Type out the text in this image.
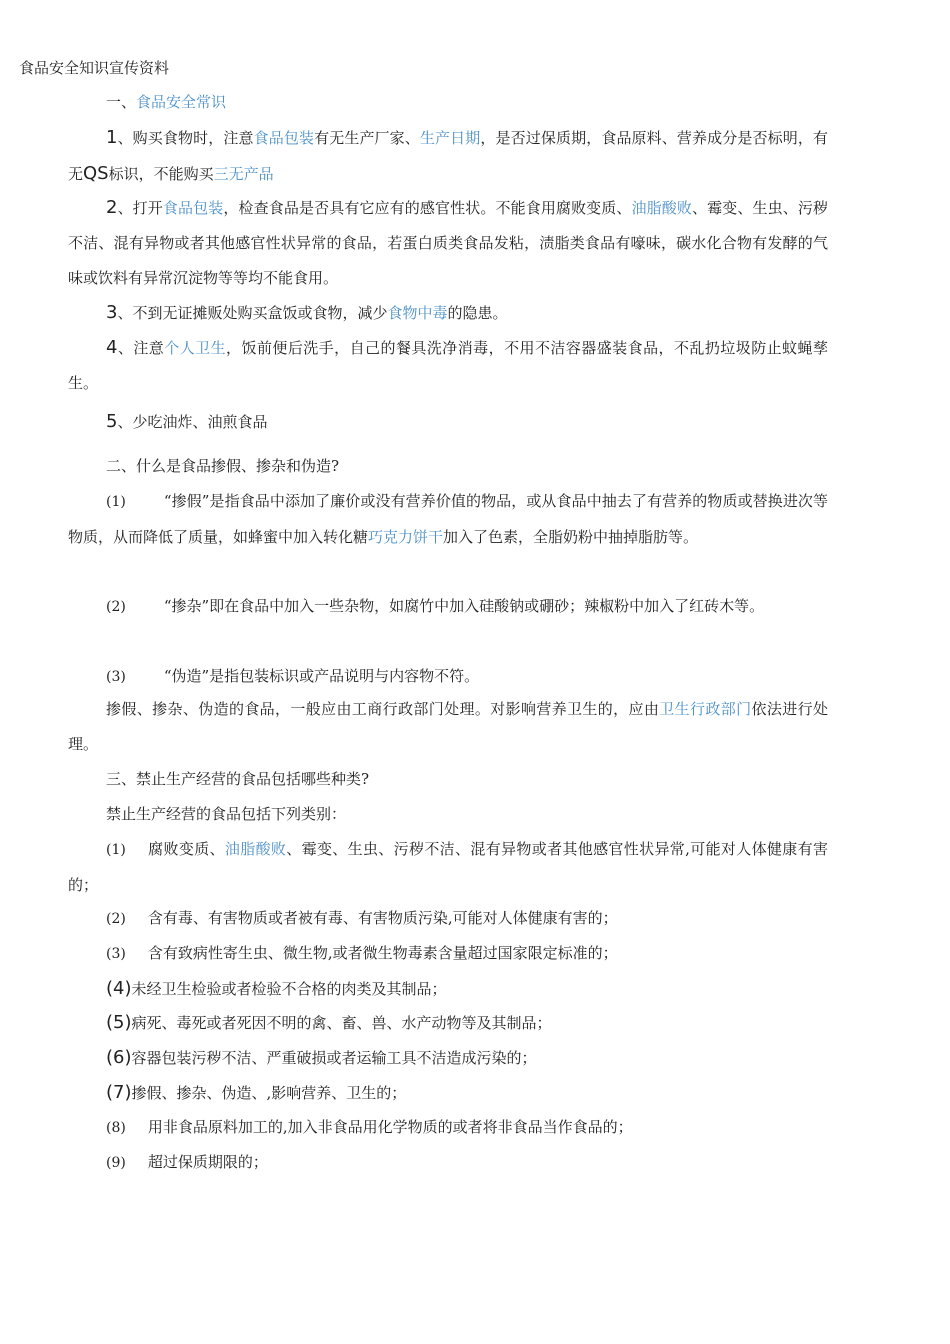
食品安全知识宣传资料

一、食品安全常识

1、购买食物时，注意食品包装有无生产厂家、生产日期，是否过保质期，食品原料、营养成分是否标明，有无QS标识，不能购买三无产品

2、打开食品包装，检查食品是否具有它应有的感官性状。不能食用腐败变质、油脂酸败、霉变、生虫、污秽不洁、混有异物或者其他感官性状异常的食品，若蛋白质类食品发粘，渍脂类食品有嚎味，碳水化合物有发酵的气味或饮料有异常沉淀物等等均不能食用。

3、不到无证摊贩处购买盒饭或食物，减少食物中毒的隐患。

4、注意个人卫生，饭前便后洗手，自己的餐具洗净消毒，不用不洁容器盛装食品，不乱扔垃圾防止蚊蝇孳生。

5、少吃油炸、油煎食品

二、什么是食品掺假、掺杂和伪造?

(1)	“掺假”是指食品中添加了廉价或没有营养价值的物品，或从食品中抽去了有营养的物质或替换进次等物质，从而降低了质量，如蜂蜜中加入转化糖巧克力饼干加入了色素，全脂奶粉中抽掉脂肪等。

(2)	“掺杂”即在食品中加入一些杂物，如腐竹中加入硅酸钠或硼砂；辣椒粉中加入了红砖木等。

(3)	“伪造”是指包装标识或产品说明与内容物不符。

掺假、掺杂、伪造的食品，一般应由工商行政部门处理。对影响营养卫生的，应由卫生行政部门依法进行处理。

三、禁止生产经营的食品包括哪些种类?

禁止生产经营的食品包括下列类别：

(1) 腐败变质、油脂酸败、霉变、生虫、污秽不洁、混有异物或者其他感官性状异常,可能对人体健康有害的；

(2) 含有毒、有害物质或者被有毒、有害物质污染,可能对人体健康有害的；

(3) 含有致病性寄生虫、微生物,或者微生物毒素含量超过国家限定标准的；

(4)未经卫生检验或者检验不合格的肉类及其制品；

(5)病死、毒死或者死因不明的禽、畜、兽、水产动物等及其制品；

(6)容器包装污秽不洁、严重破损或者运输工具不洁造成污染的；

(7)掺假、掺杂、伪造、,影响营养、卫生的；

(8) 用非食品原料加工的,加入非食品用化学物质的或者将非食品当作食品的；

(9) 超过保质期限的；
